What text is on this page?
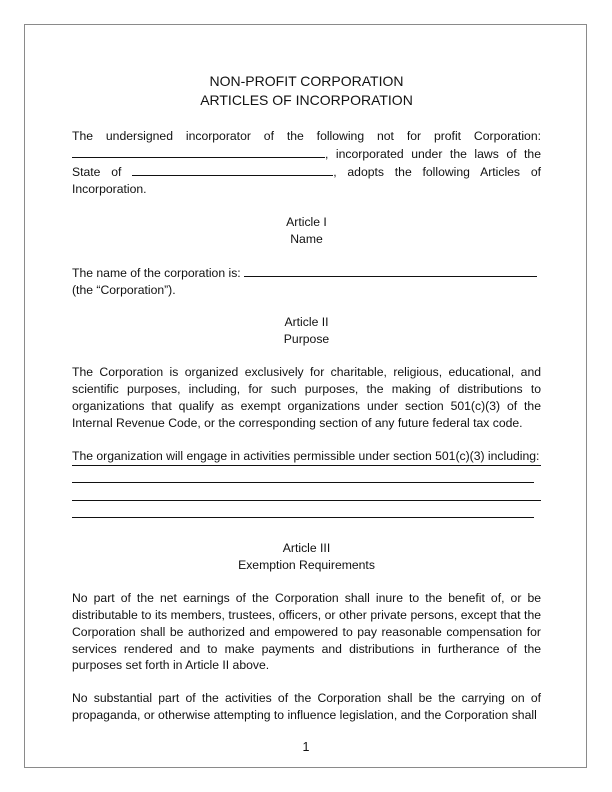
NON-PROFIT CORPORATION
ARTICLES OF INCORPORATION

The undersigned incorporator of the following not for profit Corporation: , incorporated under the laws of the State of	, adopts the following Articles of Incorporation.

Article I
Name

The name of the corporation is:
(the “Corporation”).

Article II
Purpose

The Corporation is organized exclusively for charitable, religious, educational, and scientific purposes, including, for such purposes, the making of distributions to organizations that qualify as exempt organizations under section 501(c)(3) of the Internal Revenue Code, or the corresponding section of any future federal tax code.

The organization will engage in activities permissible under section 501(c)(3) including:

Article III
Exemption Requirements

No part of the net earnings of the Corporation shall inure to the benefit of, or be distributable to its members, trustees, officers, or other private persons, except that the Corporation shall be authorized and empowered to pay reasonable compensation for services rendered and to make payments and distributions in furtherance of the purposes set forth in Article II above.

No substantial part of the activities of the Corporation shall be the carrying on of propaganda, or otherwise attempting to influence legislation, and the Corporation shall

1
